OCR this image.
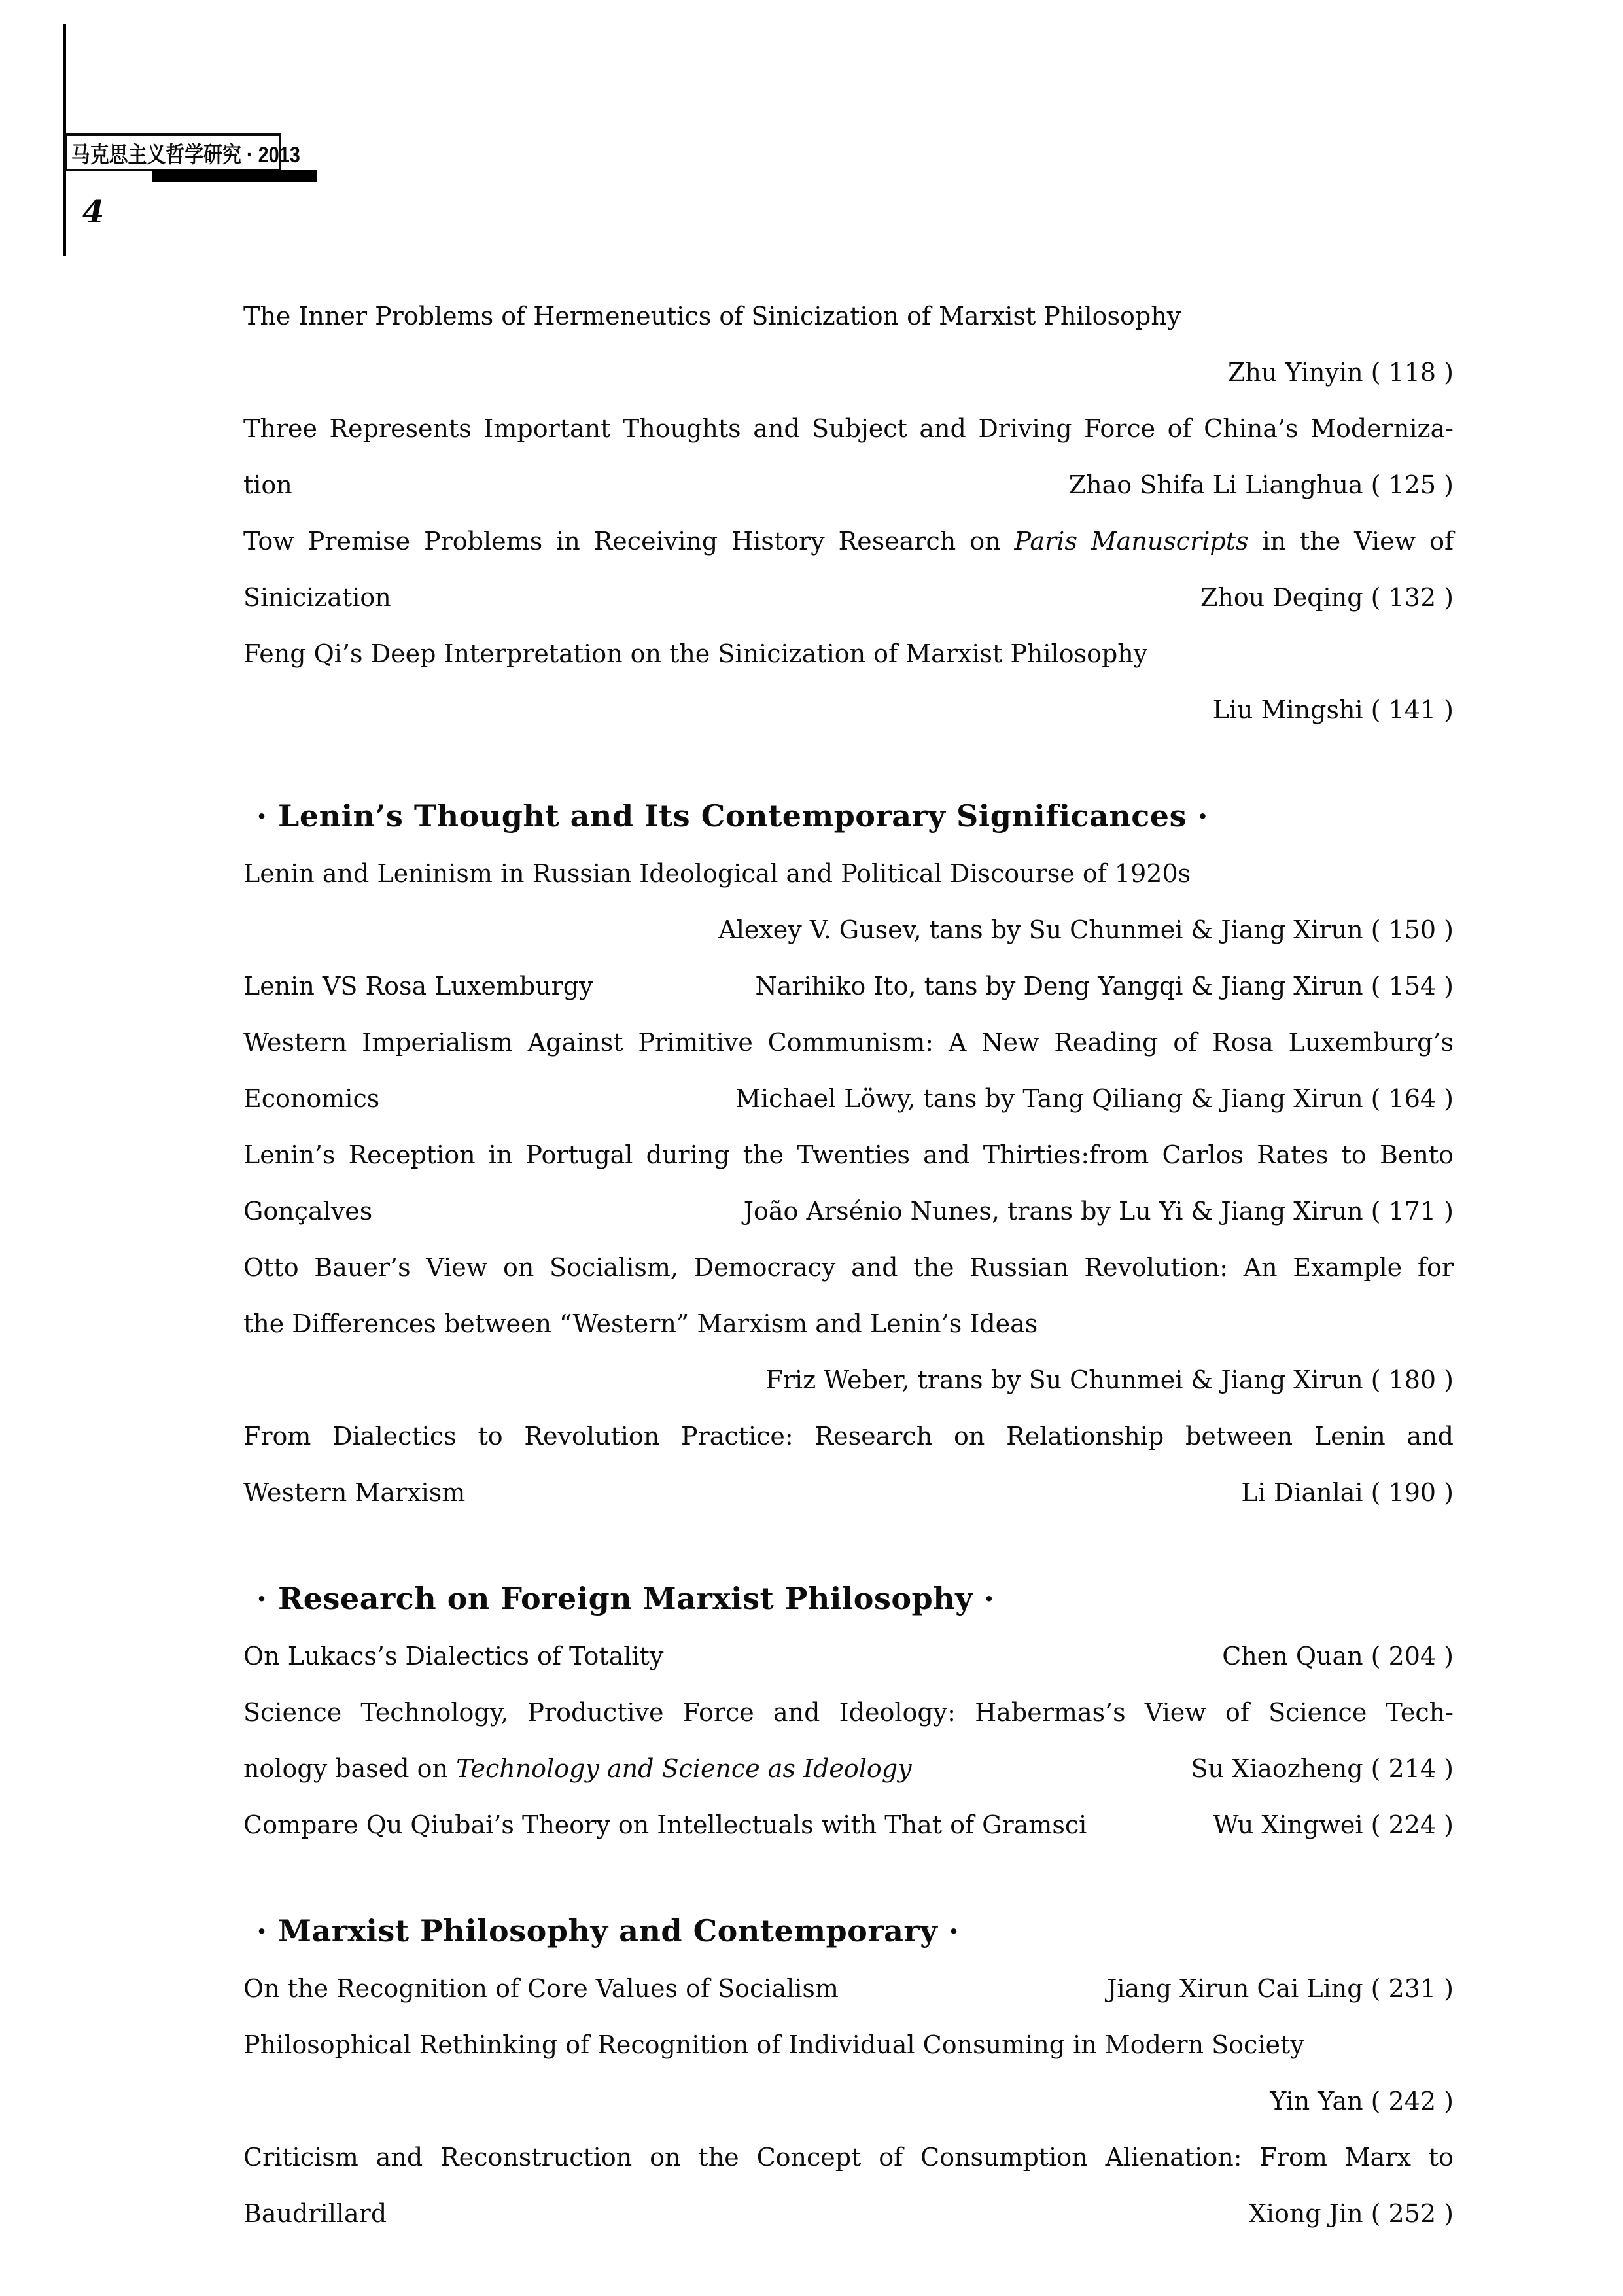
马克思主义哲学研究 · 2013
4
The Inner Problems of Hermeneutics of Sinicization of Marxist Philosophy
Zhu Yinyin ( 118 )
Three Represents Important Thoughts and Subject and Driving Force of China’s Moderniza-
tion	Zhao Shifa Li Lianghua ( 125 )
Tow Premise Problems in Receiving History Research on Paris Manuscripts in the View of
Sinicization	Zhou Deqing ( 132 )
Feng Qi’s Deep Interpretation on the Sinicization of Marxist Philosophy
Liu Mingshi ( 141 )
· Lenin’s Thought and Its Contemporary Significances ·
Lenin and Leninism in Russian Ideological and Political Discourse of 1920s
Alexey V. Gusev, tans by Su Chunmei & Jiang Xirun ( 150 )
Lenin VS Rosa Luxemburgy	Narihiko Ito, tans by Deng Yangqi & Jiang Xirun ( 154 )
Western Imperialism Against Primitive Communism: A New Reading of Rosa Luxemburg’s
Economics	Michael Löwy, tans by Tang Qiliang & Jiang Xirun ( 164 )
Lenin’s Reception in Portugal during the Twenties and Thirties:from Carlos Rates to Bento
Gonçalves	João Arsénio Nunes, trans by Lu Yi & Jiang Xirun ( 171 )
Otto Bauer’s View on Socialism, Democracy and the Russian Revolution: An Example for
the Differences between “Western” Marxism and Lenin’s Ideas
Friz Weber, trans by Su Chunmei & Jiang Xirun ( 180 )
From Dialectics to Revolution Practice: Research on Relationship between Lenin and
Western Marxism	Li Dianlai ( 190 )
· Research on Foreign Marxist Philosophy ·
On Lukacs’s Dialectics of Totality	Chen Quan ( 204 )
Science Technology, Productive Force and Ideology: Habermas’s View of Science Tech-
nology based on Technology and Science as Ideology	Su Xiaozheng ( 214 )
Compare Qu Qiubai’s Theory on Intellectuals with That of Gramsci	Wu Xingwei ( 224 )
· Marxist Philosophy and Contemporary ·
On the Recognition of Core Values of Socialism	Jiang Xirun Cai Ling ( 231 )
Philosophical Rethinking of Recognition of Individual Consuming in Modern Society
Yin Yan ( 242 )
Criticism and Reconstruction on the Concept of Consumption Alienation: From Marx to
Baudrillard	Xiong Jin ( 252 )
